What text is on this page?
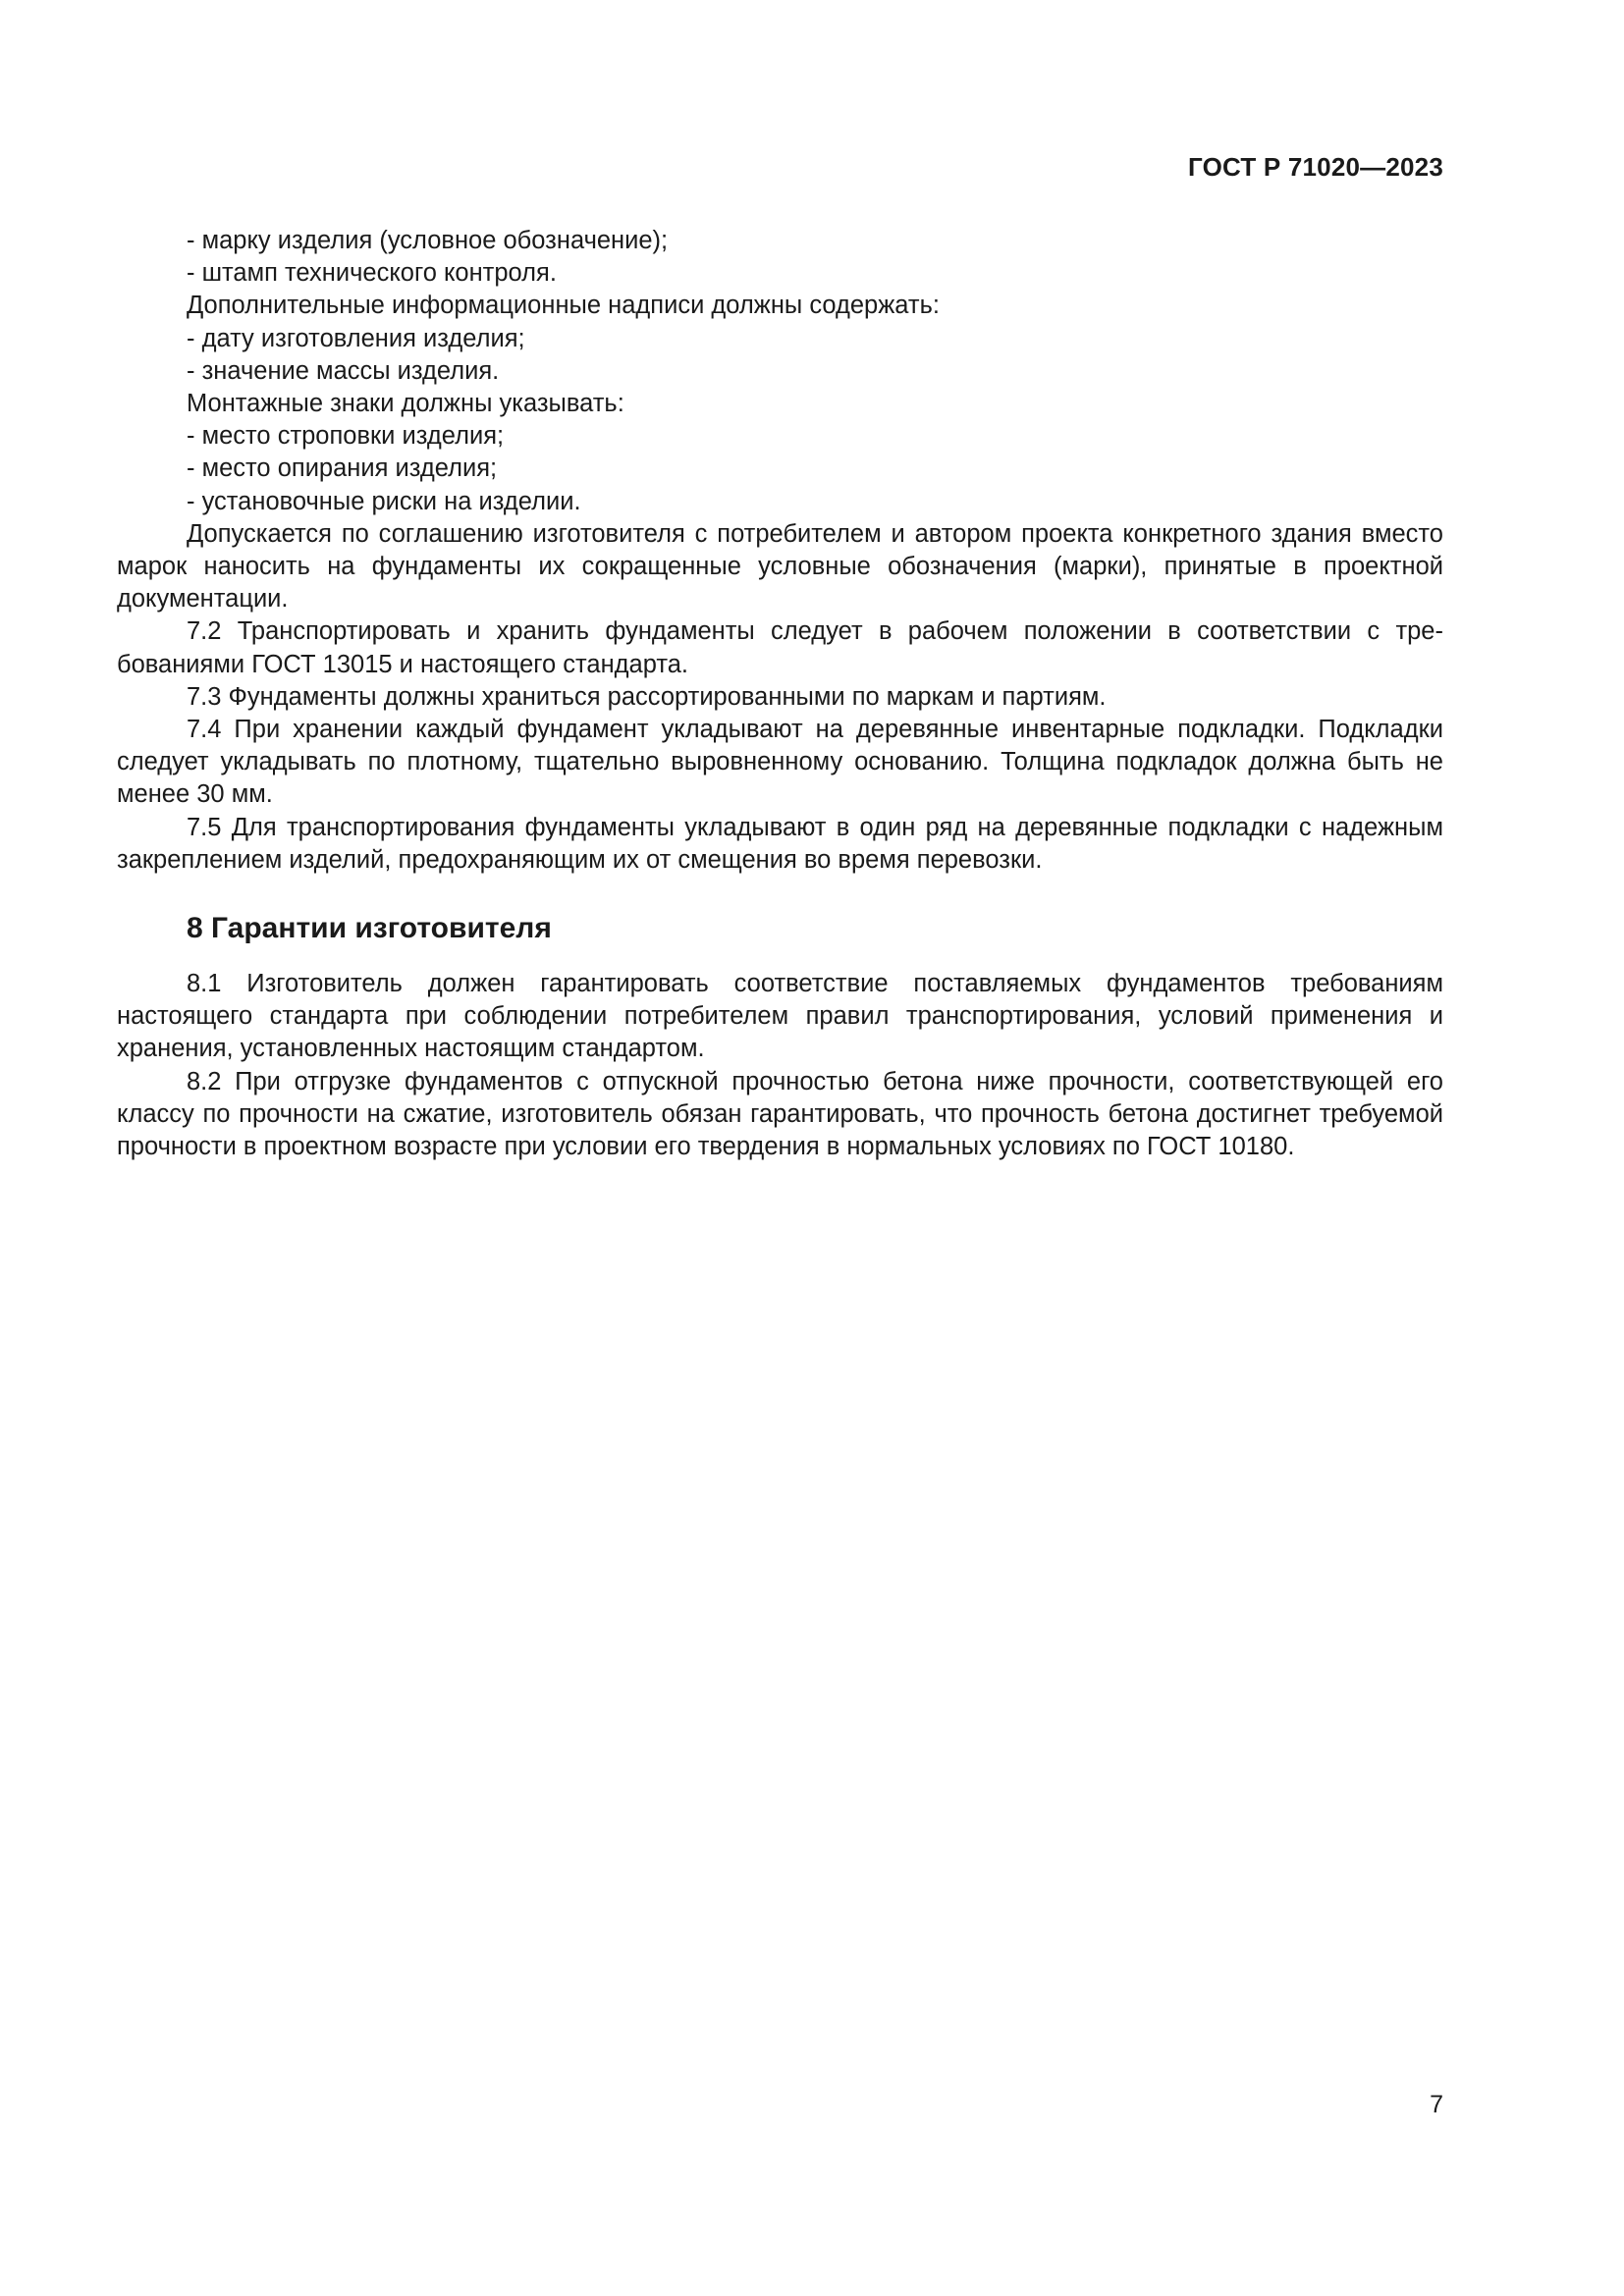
ГОСТ Р 71020—2023

- марку изделия (условное обозначение);

- штамп технического контроля.

Дополнительные информационные надписи должны содержать:

- дату изготовления изделия;

- значение массы изделия.

Монтажные знаки должны указывать:

- место строповки изделия;

- место опирания изделия;

- установочные риски на изделии.

Допускается по соглашению изготовителя с потребителем и автором проекта конкретного здания вместо марок наносить на фундаменты их сокращенные условные обозначения (марки), принятые в проектной документации.

7.2 Транспортировать и хранить фундаменты следует в рабочем положении в соответствии с требованиями ГОСТ 13015 и настоящего стандарта.

7.3 Фундаменты должны храниться рассортированными по маркам и партиям.

7.4 При хранении каждый фундамент укладывают на деревянные инвентарные подкладки. Подкладки следует укладывать по плотному, тщательно выровненному основанию. Толщина подкладок должна быть не менее 30 мм.

7.5 Для транспортирования фундаменты укладывают в один ряд на деревянные подкладки с надежным закреплением изделий, предохраняющим их от смещения во время перевозки.

8 Гарантии изготовителя

8.1 Изготовитель должен гарантировать соответствие поставляемых фундаментов требованиям настоящего стандарта при соблюдении потребителем правил транспортирования, условий применения и хранения, установленных настоящим стандартом.

8.2 При отгрузке фундаментов с отпускной прочностью бетона ниже прочности, соответствующей его классу по прочности на сжатие, изготовитель обязан гарантировать, что прочность бетона достигнет требуемой прочности в проектном возрасте при условии его твердения в нормальных условиях по ГОСТ 10180.

7
